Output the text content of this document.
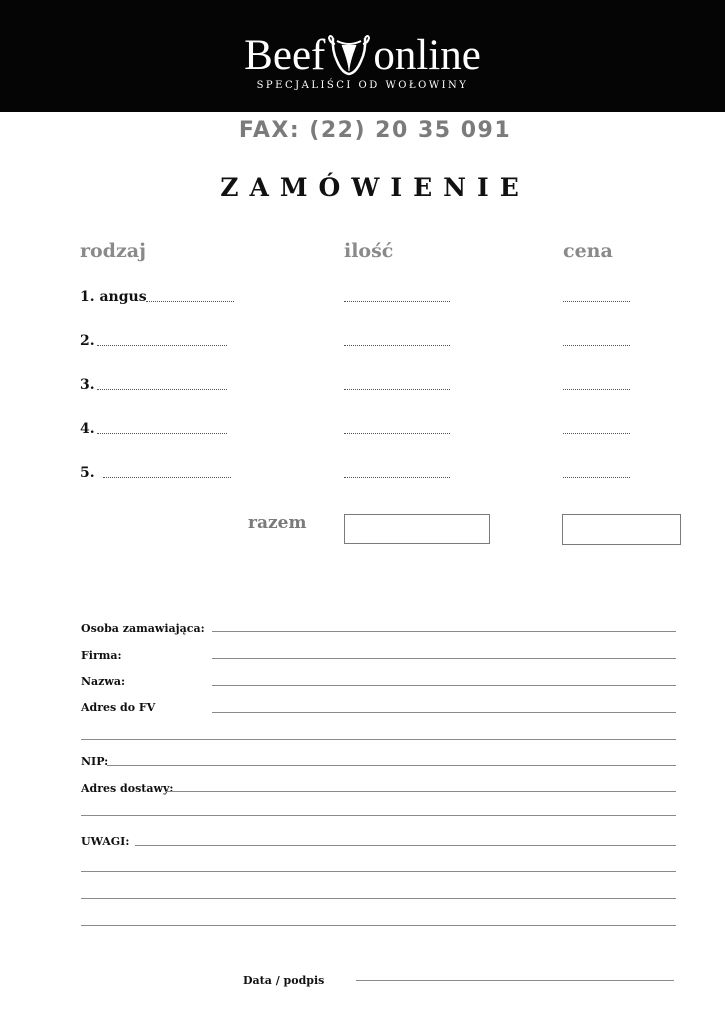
Beef online
SPECJALIŚCI OD WOŁOWINY
FAX: (22) 20 35 091
ZAMÓWIENIE
rodzaj	ilość	cena
1. angus
2.
3.
4.
5.
razem
Osoba zamawiająca:
Firma:
Nazwa:
Adres do FV
NIP:
Adres dostawy:
UWAGI:
Data / podpis
